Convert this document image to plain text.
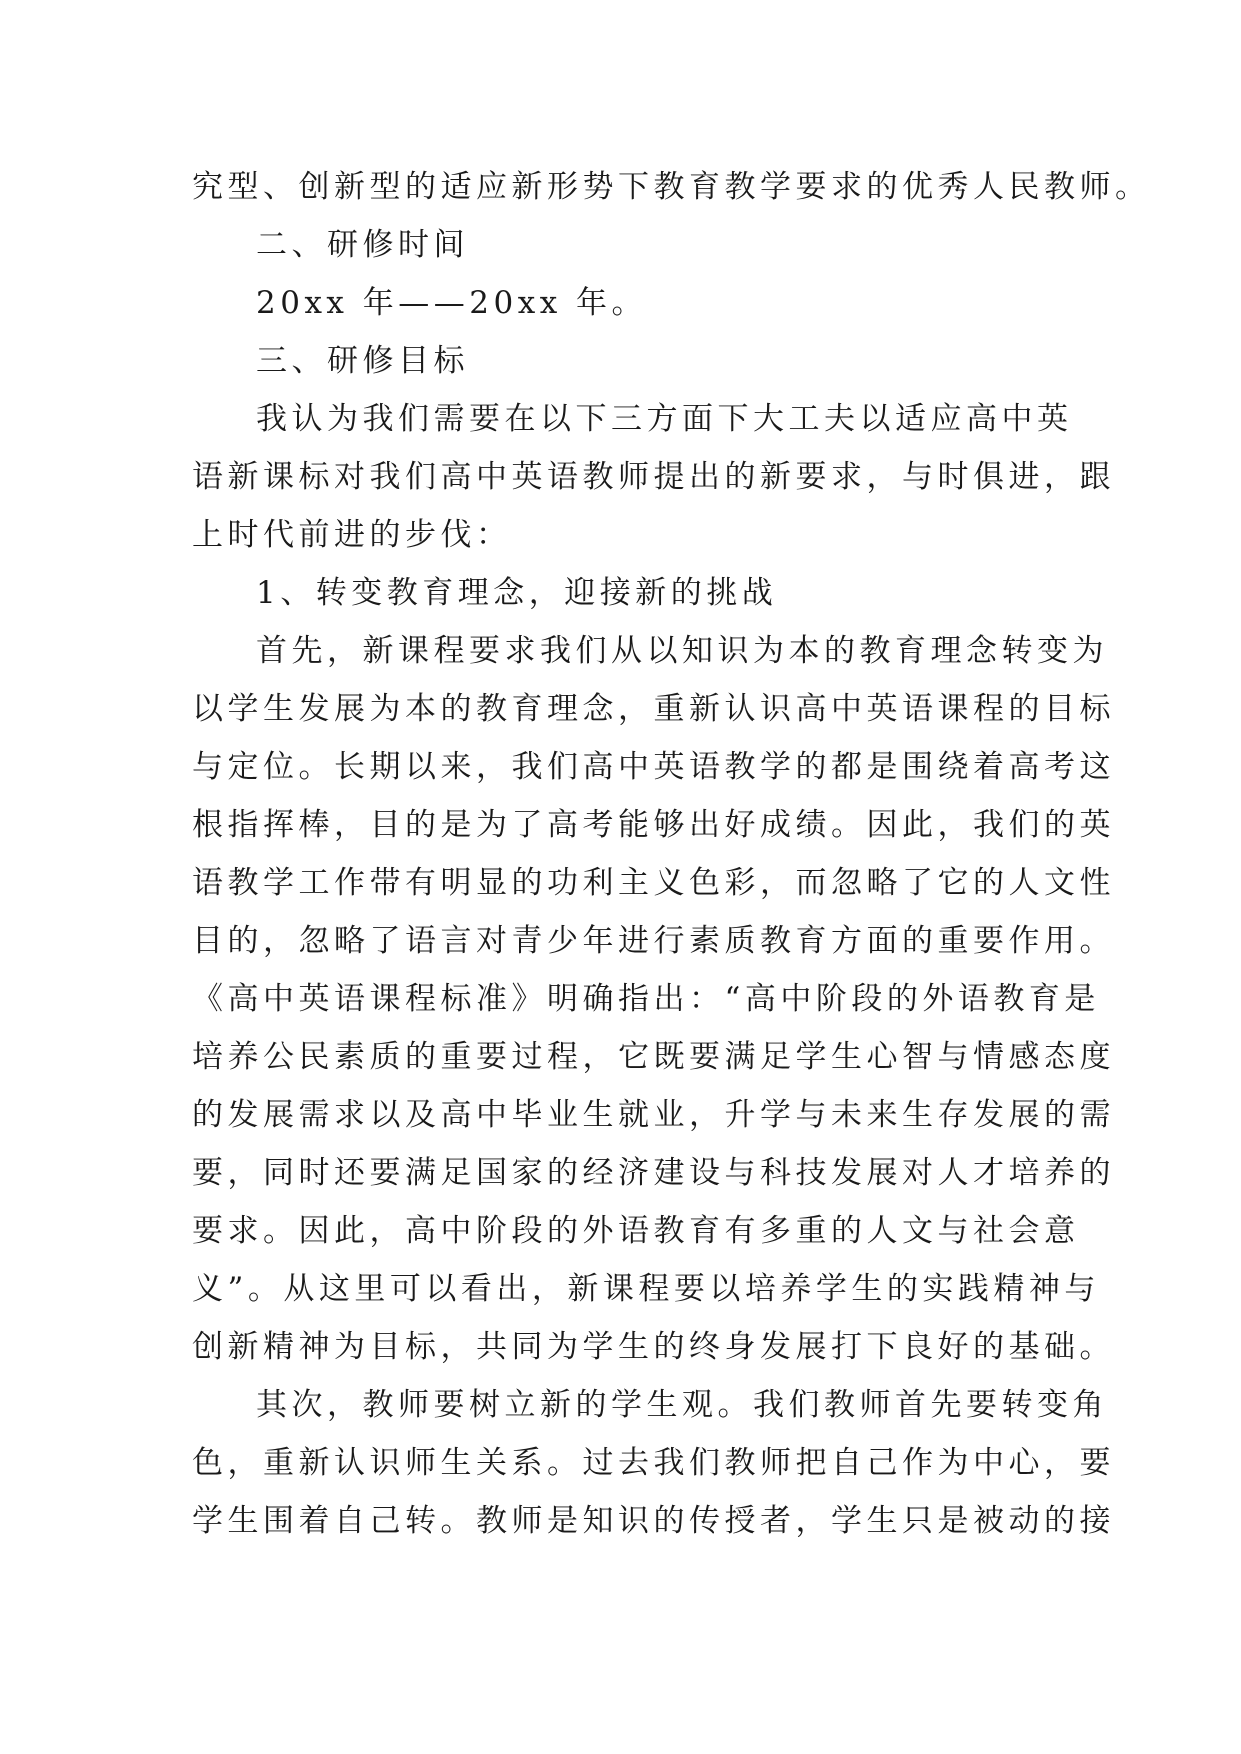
究型、创新型的适应新形势下教育教学要求的优秀人民教师。
二、研修时间
20xx 年——20xx 年。
三、研修目标
我认为我们需要在以下三方面下大工夫以适应高中英
语新课标对我们高中英语教师提出的新要求，与时俱进，跟
上时代前进的步伐：
1、转变教育理念，迎接新的挑战
首先，新课程要求我们从以知识为本的教育理念转变为
以学生发展为本的教育理念，重新认识高中英语课程的目标
与定位。长期以来，我们高中英语教学的都是围绕着高考这
根指挥棒，目的是为了高考能够出好成绩。因此，我们的英
语教学工作带有明显的功利主义色彩，而忽略了它的人文性
目的，忽略了语言对青少年进行素质教育方面的重要作用。
《高中英语课程标准》明确指出：“高中阶段的外语教育是
培养公民素质的重要过程，它既要满足学生心智与情感态度
的发展需求以及高中毕业生就业，升学与未来生存发展的需
要，同时还要满足国家的经济建设与科技发展对人才培养的
要求。因此，高中阶段的外语教育有多重的人文与社会意
义”。从这里可以看出，新课程要以培养学生的实践精神与
创新精神为目标，共同为学生的终身发展打下良好的基础。
其次，教师要树立新的学生观。我们教师首先要转变角
色，重新认识师生关系。过去我们教师把自己作为中心，要
学生围着自己转。教师是知识的传授者，学生只是被动的接
